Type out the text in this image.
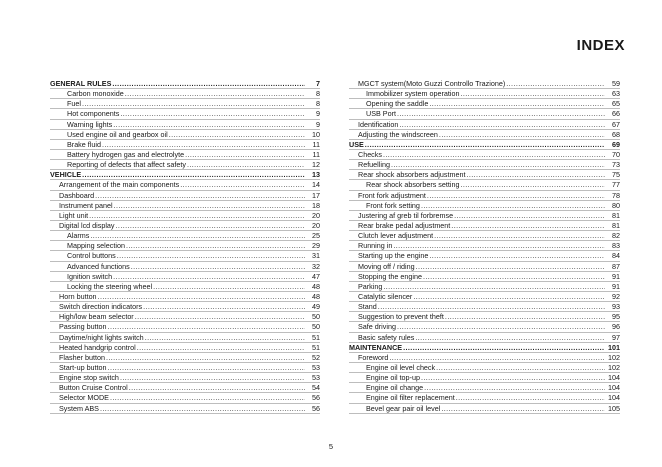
INDEX
GENERAL RULES .....	7
Carbon monoxide .....	8
Fuel .....	8
Hot components .....	9
Warning lights .....	9
Used engine oil and gearbox oil .....	10
Brake fluid .....	11
Battery hydrogen gas and electrolyte .....	11
Reporting of defects that affect safety .....	12
VEHICLE .....	13
Arrangement of the main components .....	14
Dashboard .....	17
Instrument panel .....	18
Light unit .....	20
Digital lcd display .....	20
Alarms .....	25
Mapping selection .....	29
Control buttons .....	31
Advanced functions .....	32
Ignition switch .....	47
Locking the steering wheel .....	48
Horn button .....	48
Switch direction indicators .....	49
High/low beam selector .....	50
Passing button .....	50
Daytime/night lights switch .....	51
Heated handgrip control .....	51
Flasher button .....	52
Start-up button .....	53
Engine stop switch .....	53
Button Cruise Control .....	54
Selector MODE .....	56
System ABS .....	56
MGCT system(Moto Guzzi Controllo Trazione) .....	59
Immobilizer system operation .....	63
Opening the saddle .....	65
USB Port .....	66
Identification .....	67
Adjusting the windscreen .....	68
USE .....	69
Checks .....	70
Refuelling .....	73
Rear shock absorbers adjustment .....	75
Rear shock absorbers setting .....	77
Front fork adjustment .....	78
Front fork setting .....	80
Justering af greb til forbremse .....	81
Rear brake pedal adjustment .....	81
Clutch lever adjustment .....	82
Running in .....	83
Starting up the engine .....	84
Moving off / riding .....	87
Stopping the engine .....	91
Parking .....	91
Catalytic silencer .....	92
Stand .....	93
Suggestion to prevent theft .....	95
Safe driving .....	96
Basic safety rules .....	97
MAINTENANCE .....	101
Foreword .....	102
Engine oil level check .....	102
Engine oil top-up .....	104
Engine oil change .....	104
Engine oil filter replacement .....	104
Bevel gear pair oil level .....	105
5
